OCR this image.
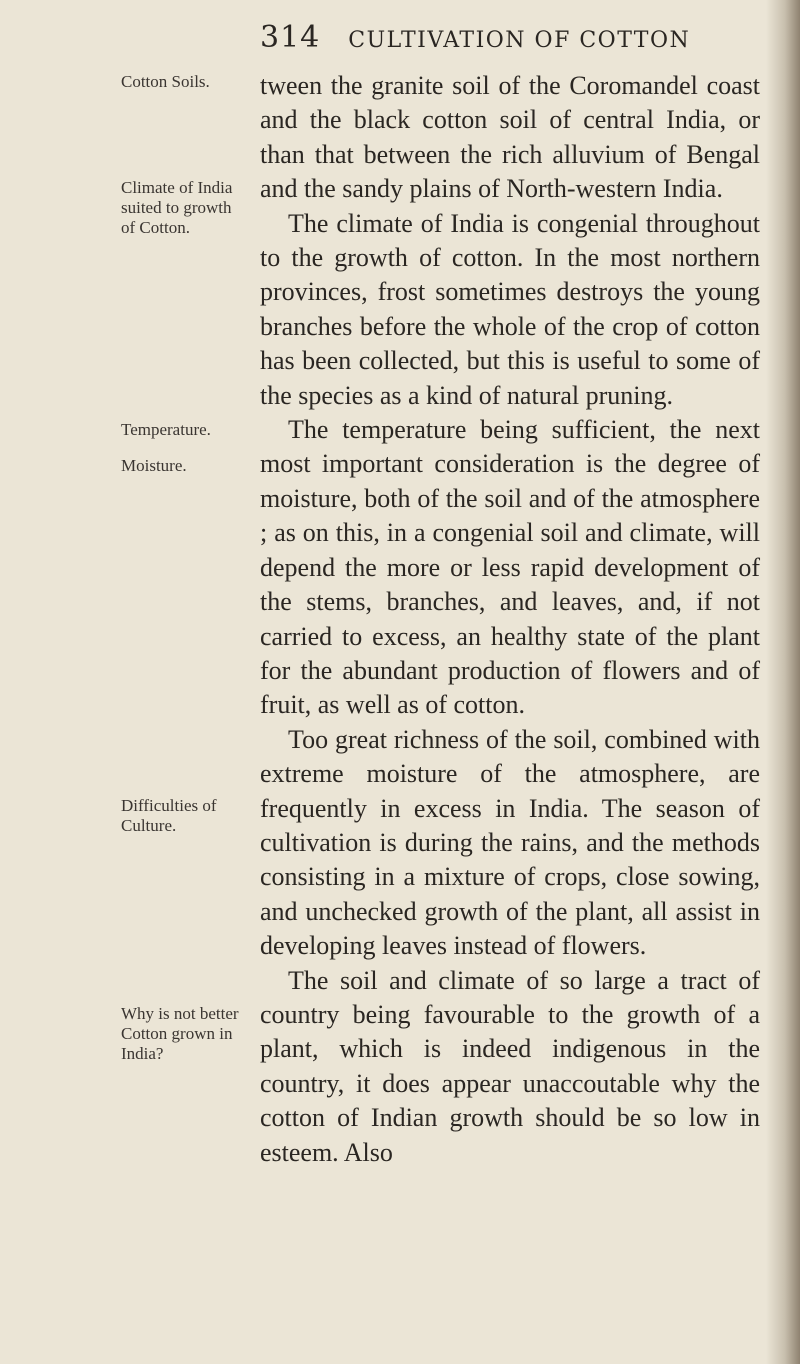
314 CULTIVATION OF COTTON
Cotton Soils.
Climate of India suited to growth of Cotton.
Temperature.
Moisture.
Difficulties of Culture.
Why is not better Cotton grown in India?

tween the granite soil of the Coromandel coast and the black cotton soil of central India, or than that between the rich alluvium of Bengal and the sandy plains of North-western India.

The climate of India is congenial throughout to the growth of cotton. In the most northern provinces, frost sometimes destroys the young branches before the whole of the crop of cotton has been collected, but this is useful to some of the species as a kind of natural pruning.

The temperature being sufficient, the next most important consideration is the degree of moisture, both of the soil and of the atmosphere ; as on this, in a congenial soil and climate, will depend the more or less rapid development of the stems, branches, and leaves, and, if not carried to excess, an healthy state of the plant for the abundant production of flowers and of fruit, as well as of cotton.

Too great richness of the soil, combined with extreme moisture of the atmosphere, are frequently in excess in India. The season of cultivation is during the rains, and the methods consisting in a mixture of crops, close sowing, and unchecked growth of the plant, all assist in developing leaves instead of flowers.

The soil and climate of so large a tract of country being favourable to the growth of a plant, which is indeed indigenous in the country, it does appear unaccoutable why the cotton of Indian growth should be so low in esteem. Also
